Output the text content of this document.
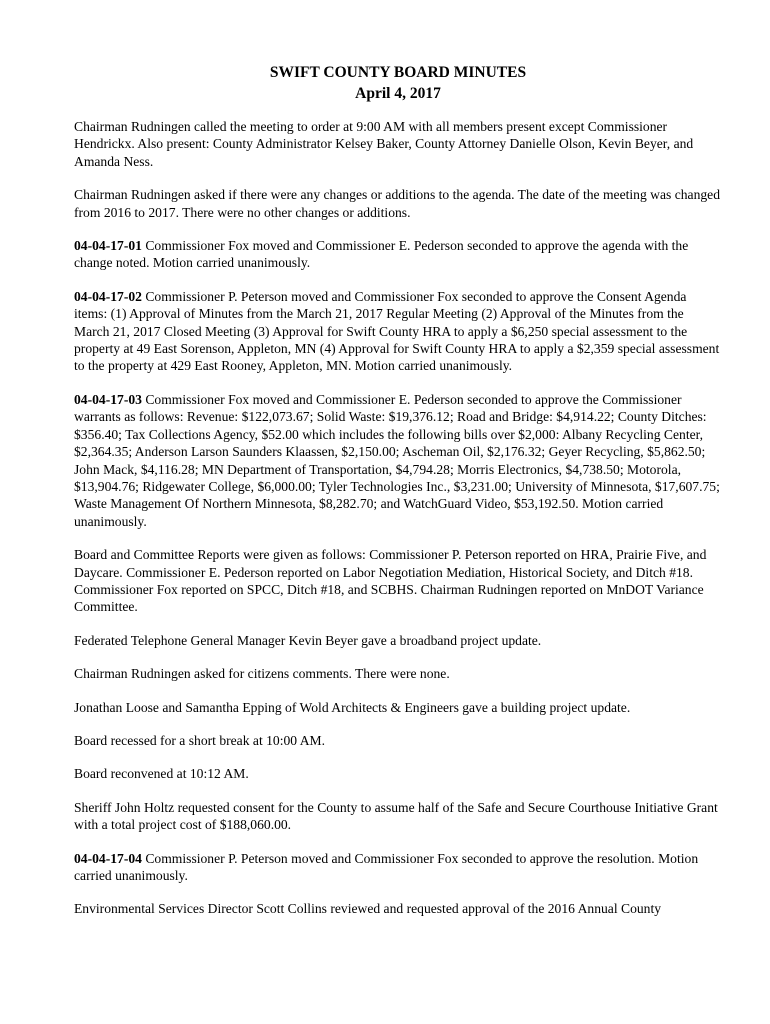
SWIFT COUNTY BOARD MINUTES
April 4, 2017

Chairman Rudningen called the meeting to order at 9:00 AM with all members present except Commissioner Hendrickx. Also present: County Administrator Kelsey Baker, County Attorney Danielle Olson, Kevin Beyer, and Amanda Ness.

Chairman Rudningen asked if there were any changes or additions to the agenda. The date of the meeting was changed from 2016 to 2017. There were no other changes or additions.

04-04-17-01 Commissioner Fox moved and Commissioner E. Pederson seconded to approve the agenda with the change noted. Motion carried unanimously.

04-04-17-02 Commissioner P. Peterson moved and Commissioner Fox seconded to approve the Consent Agenda items: (1) Approval of Minutes from the March 21, 2017 Regular Meeting (2) Approval of the Minutes from the March 21, 2017 Closed Meeting (3) Approval for Swift County HRA to apply a $6,250 special assessment to the property at 49 East Sorenson, Appleton, MN (4) Approval for Swift County HRA to apply a $2,359 special assessment to the property at 429 East Rooney, Appleton, MN. Motion carried unanimously.

04-04-17-03 Commissioner Fox moved and Commissioner E. Pederson seconded to approve the Commissioner warrants as follows: Revenue: $122,073.67; Solid Waste: $19,376.12; Road and Bridge: $4,914.22; County Ditches: $356.40; Tax Collections Agency, $52.00 which includes the following bills over $2,000: Albany Recycling Center, $2,364.35; Anderson Larson Saunders Klaassen, $2,150.00; Ascheman Oil, $2,176.32; Geyer Recycling, $5,862.50; John Mack, $4,116.28; MN Department of Transportation, $4,794.28; Morris Electronics, $4,738.50; Motorola, $13,904.76; Ridgewater College, $6,000.00; Tyler Technologies Inc., $3,231.00; University of Minnesota, $17,607.75; Waste Management Of Northern Minnesota, $8,282.70; and WatchGuard Video, $53,192.50. Motion carried unanimously.

Board and Committee Reports were given as follows: Commissioner P. Peterson reported on HRA, Prairie Five, and Daycare. Commissioner E. Pederson reported on Labor Negotiation Mediation, Historical Society, and Ditch #18. Commissioner Fox reported on SPCC, Ditch #18, and SCBHS. Chairman Rudningen reported on MnDOT Variance Committee.

Federated Telephone General Manager Kevin Beyer gave a broadband project update.

Chairman Rudningen asked for citizens comments. There were none.

Jonathan Loose and Samantha Epping of Wold Architects & Engineers gave a building project update.

Board recessed for a short break at 10:00 AM.

Board reconvened at 10:12 AM.

Sheriff John Holtz requested consent for the County to assume half of the Safe and Secure Courthouse Initiative Grant with a total project cost of $188,060.00.

04-04-17-04 Commissioner P. Peterson moved and Commissioner Fox seconded to approve the resolution. Motion carried unanimously.

Environmental Services Director Scott Collins reviewed and requested approval of the 2016 Annual County
